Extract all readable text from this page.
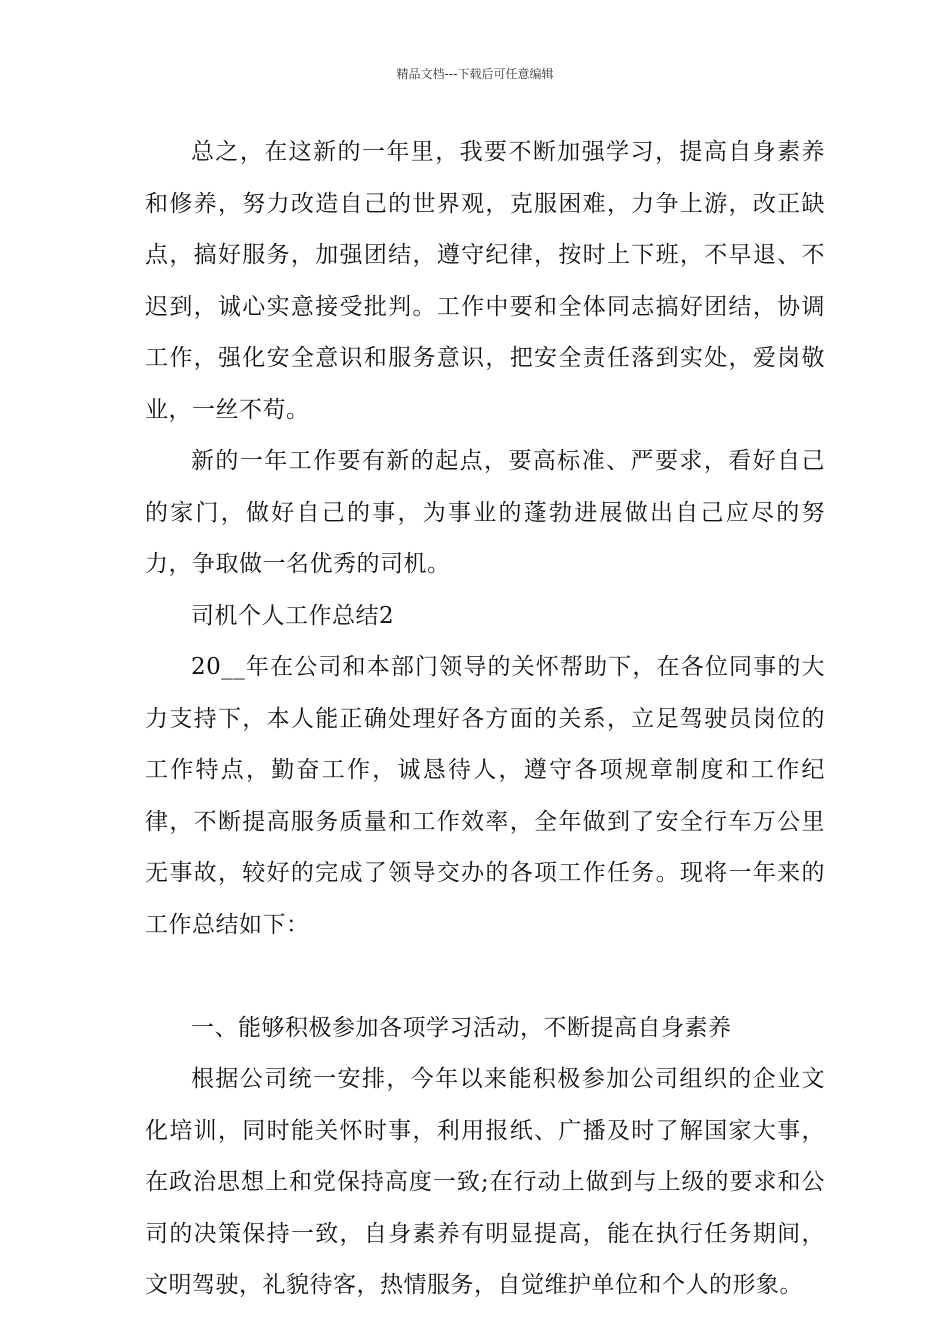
精品文档---下载后可任意编辑

总之，在这新的一年里，我要不断加强学习，提高自身素养和修养，努力改造自己的世界观，克服困难，力争上游，改正缺点，搞好服务，加强团结，遵守纪律，按时上下班，不早退、不迟到，诚心实意接受批判。工作中要和全体同志搞好团结，协调工作，强化安全意识和服务意识，把安全责任落到实处，爱岗敬业，一丝不苟。

新的一年工作要有新的起点，要高标准、严要求，看好自己的家门，做好自己的事，为事业的蓬勃进展做出自己应尽的努力，争取做一名优秀的司机。

司机个人工作总结2

20__年在公司和本部门领导的关怀帮助下，在各位同事的大力支持下，本人能正确处理好各方面的关系，立足驾驶员岗位的工作特点，勤奋工作，诚恳待人，遵守各项规章制度和工作纪律，不断提高服务质量和工作效率，全年做到了安全行车万公里无事故，较好的完成了领导交办的各项工作任务。现将一年来的工作总结如下：

一、能够积极参加各项学习活动，不断提高自身素养

根据公司统一安排，今年以来能积极参加公司组织的企业文化培训，同时能关怀时事，利用报纸、广播及时了解国家大事，在政治思想上和党保持高度一致;在行动上做到与上级的要求和公司的决策保持一致，自身素养有明显提高，能在执行任务期间，文明驾驶，礼貌待客，热情服务，自觉维护单位和个人的形象。
